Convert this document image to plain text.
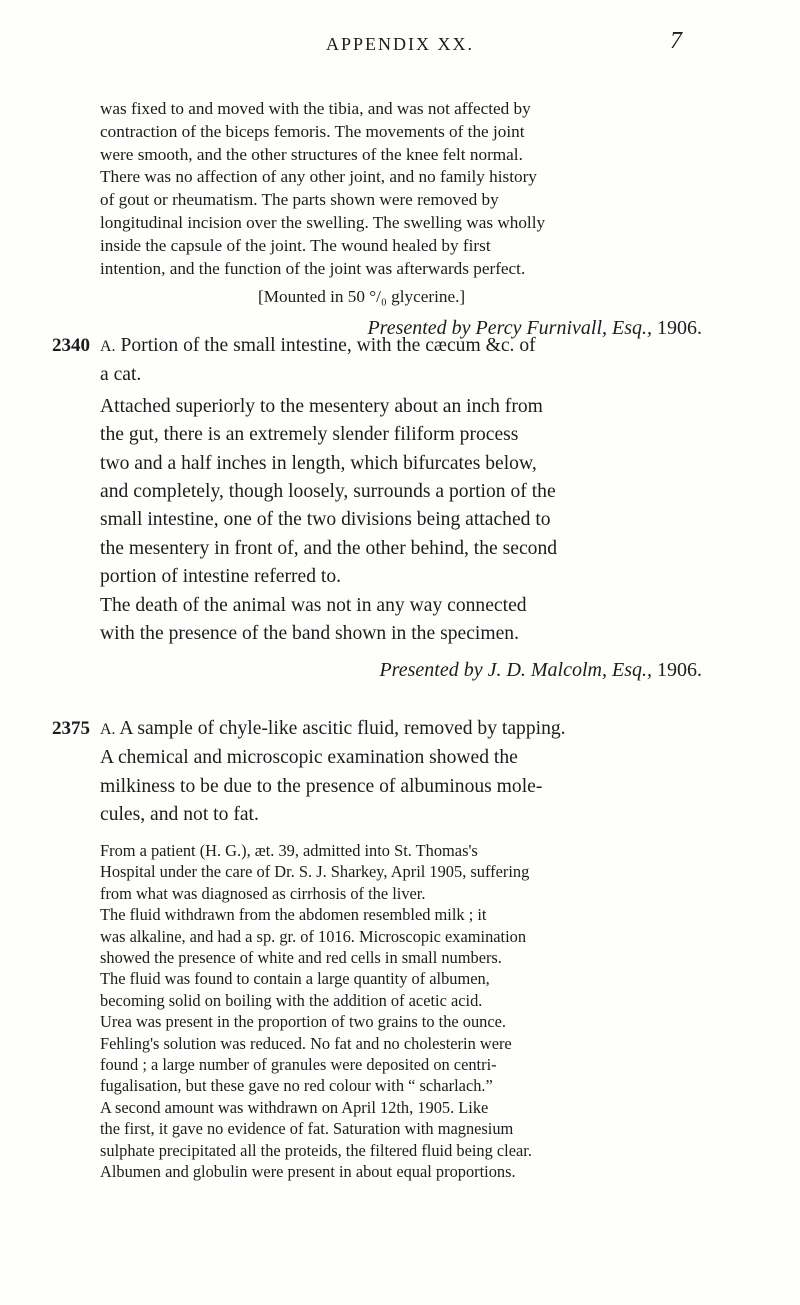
APPENDIX XX.	7

was fixed to and moved with the tibia, and was not affected by

contraction of the biceps femoris. The movements of the joint

were smooth, and the other structures of the knee felt normal.

There was no affection of any other joint, and no family history

of gout or rheumatism. The parts shown were removed by

longitudinal incision over the swelling. The swelling was wholly

inside the capsule of the joint. The wound healed by first

intention, and the function of the joint was afterwards perfect.

[Mounted in 50 °/₀ glycerine.]

Presented by Percy Furnivall, Esq., 1906.

2340 A. Portion of the small intestine, with the cæcum &c. of

a cat.

Attached superiorly to the mesentery about an inch from

the gut, there is an extremely slender filiform process

two and a half inches in length, which bifurcates below,

and completely, though loosely, surrounds a portion of the

small intestine, one of the two divisions being attached to

the mesentery in front of, and the other behind, the second

portion of intestine referred to.

The death of the animal was not in any way connected

with the presence of the band shown in the specimen.

Presented by J. D. Malcolm, Esq., 1906.

2375 A. A sample of chyle-like ascitic fluid, removed by tapping.

A chemical and microscopic examination showed the

milkiness to be due to the presence of albuminous mole-

cules, and not to fat.

From a patient (H. G.), æt. 39, admitted into St. Thomas's

Hospital under the care of Dr. S. J. Sharkey, April 1905, suffering

from what was diagnosed as cirrhosis of the liver.

The fluid withdrawn from the abdomen resembled milk ; it

was alkaline, and had a sp. gr. of 1016. Microscopic examination

showed the presence of white and red cells in small numbers.

The fluid was found to contain a large quantity of albumen,

becoming solid on boiling with the addition of acetic acid.

Urea was present in the proportion of two grains to the ounce.

Fehling's solution was reduced. No fat and no cholesterin were

found ; a large number of granules were deposited on centri-

fugalisation, but these gave no red colour with “ scharlach.”

A second amount was withdrawn on April 12th, 1905. Like

the first, it gave no evidence of fat. Saturation with magnesium

sulphate precipitated all the proteids, the filtered fluid being clear.

Albumen and globulin were present in about equal proportions.
